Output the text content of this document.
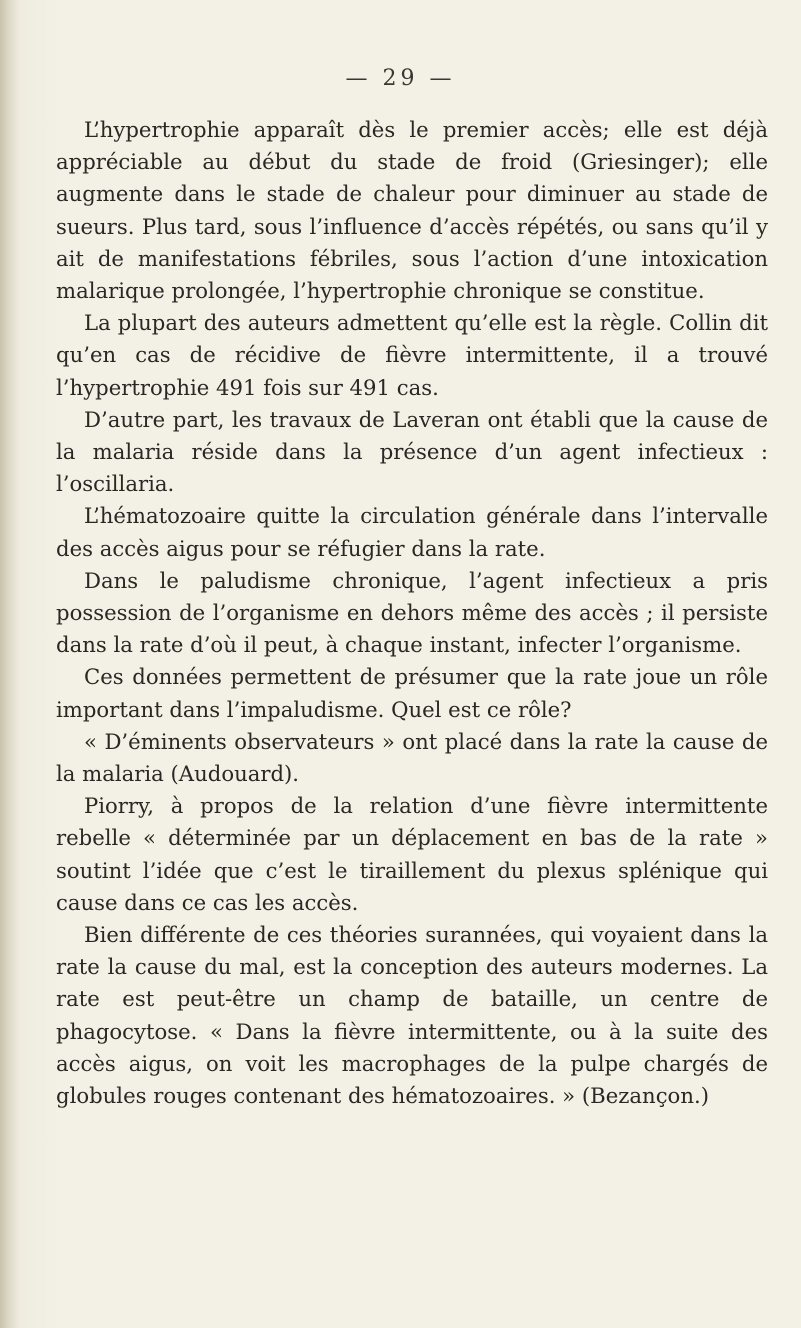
— 29 —

L’hypertrophie apparaît dès le premier accès; elle est déjà appréciable au début du stade de froid (Griesinger); elle augmente dans le stade de chaleur pour diminuer au stade de sueurs. Plus tard, sous l’influence d’accès répétés, ou sans qu’il y ait de manifestations fébriles, sous l’action d’une intoxication malarique prolongée, l’hypertrophie chronique se constitue.

La plupart des auteurs admettent qu’elle est la règle. Collin dit qu’en cas de récidive de fièvre intermittente, il a trouvé l’hypertrophie 491 fois sur 491 cas.

D’autre part, les travaux de Laveran ont établi que la cause de la malaria réside dans la présence d’un agent infectieux : l’oscillaria.

L’hématozoaire quitte la circulation générale dans l’intervalle des accès aigus pour se réfugier dans la rate.

Dans le paludisme chronique, l’agent infectieux a pris possession de l’organisme en dehors même des accès ; il persiste dans la rate d’où il peut, à chaque instant, infecter l’organisme.

Ces données permettent de présumer que la rate joue un rôle important dans l’impaludisme. Quel est ce rôle?

« D’éminents observateurs » ont placé dans la rate la cause de la malaria (Audouard).

Piorry, à propos de la relation d’une fièvre intermittente rebelle « déterminée par un déplacement en bas de la rate » soutint l’idée que c’est le tiraillement du plexus splénique qui cause dans ce cas les accès.

Bien différente de ces théories surannées, qui voyaient dans la rate la cause du mal, est la conception des auteurs modernes. La rate est peut-être un champ de bataille, un centre de phagocytose. « Dans la fièvre intermittente, ou à la suite des accès aigus, on voit les macrophages de la pulpe chargés de globules rouges contenant des hématozoaires. » (Bezançon.)
